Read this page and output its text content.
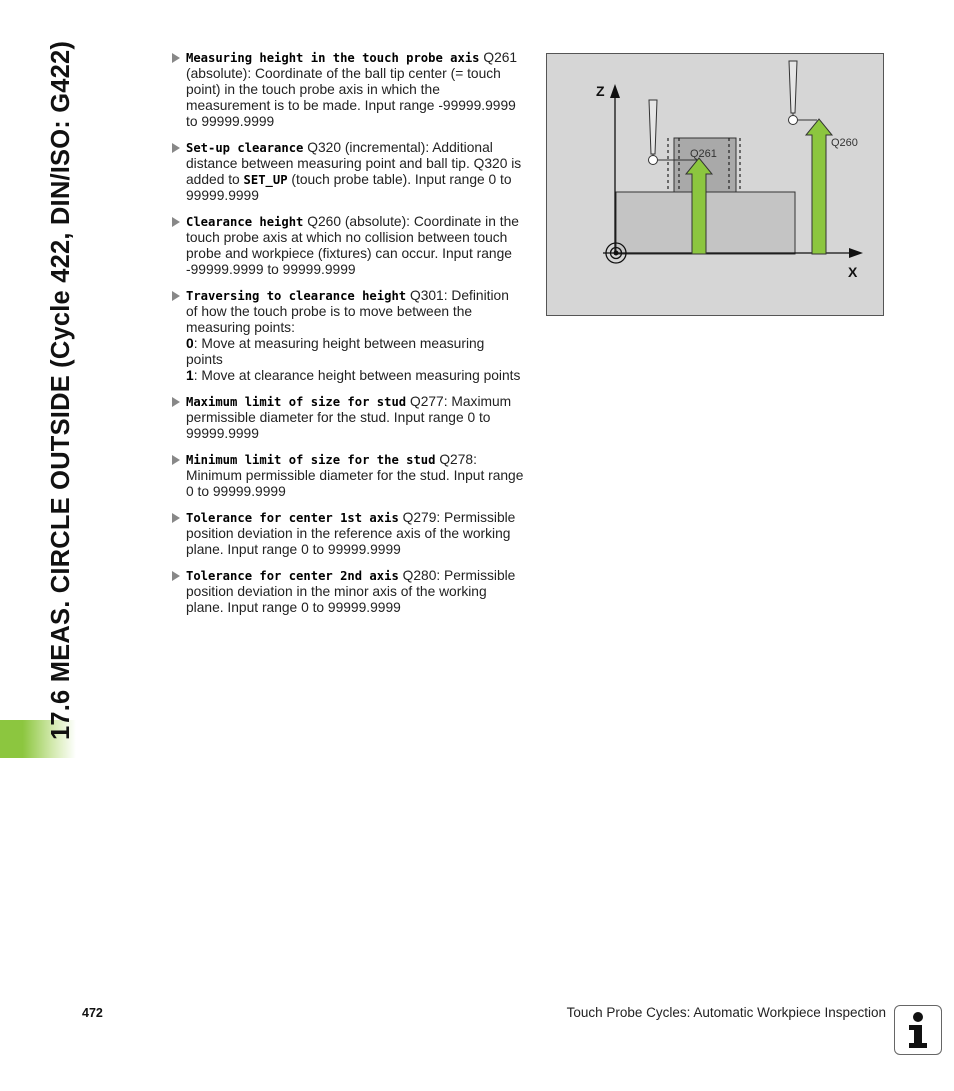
17.6 MEAS. CIRCLE OUTSIDE (Cycle 422, DIN/ISO: G422)	Measuring height in the touch probe axis Q261 (absolute): Coordinate of the ball tip center (= touch point) in the touch probe axis in which the measurement is to be made. Input range -99999.9999 to 99999.9999
Set-up clearance Q320 (incremental): Additional distance between measuring point and ball tip. Q320 is added to SET_UP (touch probe table). Input range 0 to 99999.9999
Clearance height Q260 (absolute): Coordinate in the touch probe axis at which no collision between touch probe and workpiece (fixtures) can occur. Input range -99999.9999 to 99999.9999
Traversing to clearance height Q301: Definition of how the touch probe is to move between the measuring points:
0: Move at measuring height between measuring points
1: Move at clearance height between measuring points
Maximum limit of size for stud Q277: Maximum permissible diameter for the stud. Input range 0 to 99999.9999
Minimum limit of size for the stud Q278: Minimum permissible diameter for the stud. Input range 0 to 99999.9999
Tolerance for center 1st axis Q279: Permissible position deviation in the reference axis of the working plane. Input range 0 to 99999.9999
Tolerance for center 2nd axis Q280: Permissible position deviation in the minor axis of the working plane. Input range 0 to 99999.9999
Z
X
Q261
Q260
472	Touch Probe Cycles: Automatic Workpiece Inspection
